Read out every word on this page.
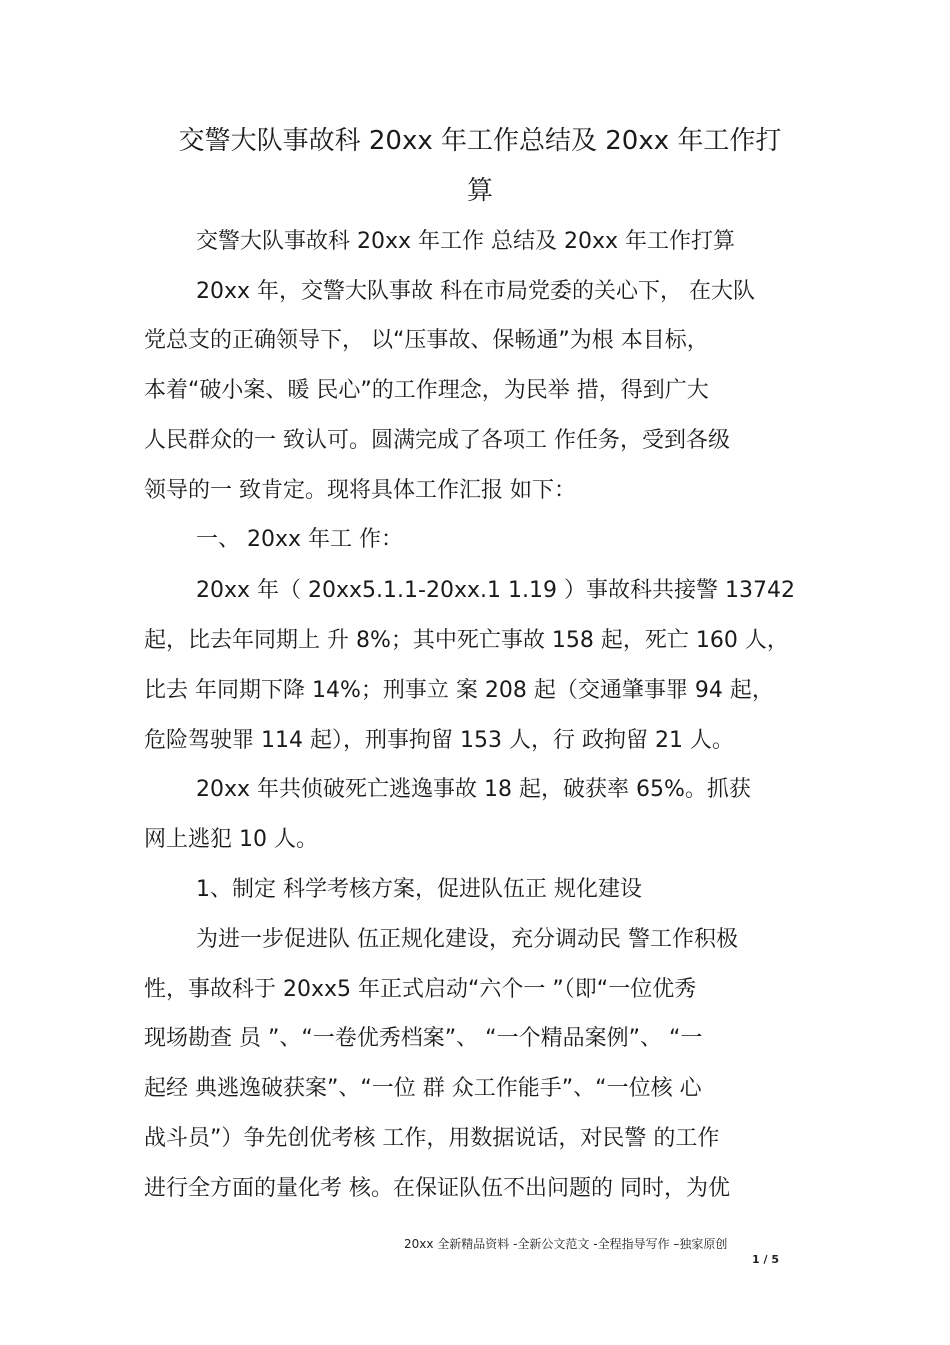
交警大队事故科 20xx 年工作总结及 20xx 年工作打
算
交警大队事故科 20xx 年工作 总结及 20xx 年工作打算
20xx 年，交警大队事故 科在市局党委的关心下， 在大队
党总支的正确领导下， 以“压事故、保畅通”为根 本目标，
本着“破小案、暖 民心”的工作理念，为民举 措，得到广大
人民群众的一 致认可。圆满完成了各项工 作任务，受到各级
领导的一 致肯定。现将具体工作汇报 如下：
一、 20xx 年工 作：
20xx 年（ 20xx5.1.1-20xx.1 1.19 ）事故科共接警 13742
起，比去年同期上 升 8%；其中死亡事故 158 起，死亡 160 人，
比去 年同期下降 14%；刑事立 案 208 起（交通肇事罪 94 起，
危险驾驶罪 114 起），刑事拘留 153 人，行 政拘留 21 人。
20xx 年共侦破死亡逃逸事故 18 起，破获率 65%。抓获
网上逃犯 10 人。
1、制定 科学考核方案，促进队伍正 规化建设
为进一步促进队 伍正规化建设，充分调动民 警工作积极
性，事故科于 20xx5 年正式启动“六个一 ”（即“一位优秀
现场勘查 员 ”、“一卷优秀档案”、 “一个精品案例”、 “一
起经 典逃逸破获案”、“一位 群 众工作能手”、“一位核 心
战斗员”）争先创优考核 工作，用数据说话，对民警 的工作
进行全方面的量化考 核。在保证队伍不出问题的 同时，为优
20xx 全新精品资料 -全新公文范文 -全程指导写作 –独家原创
1 / 5
